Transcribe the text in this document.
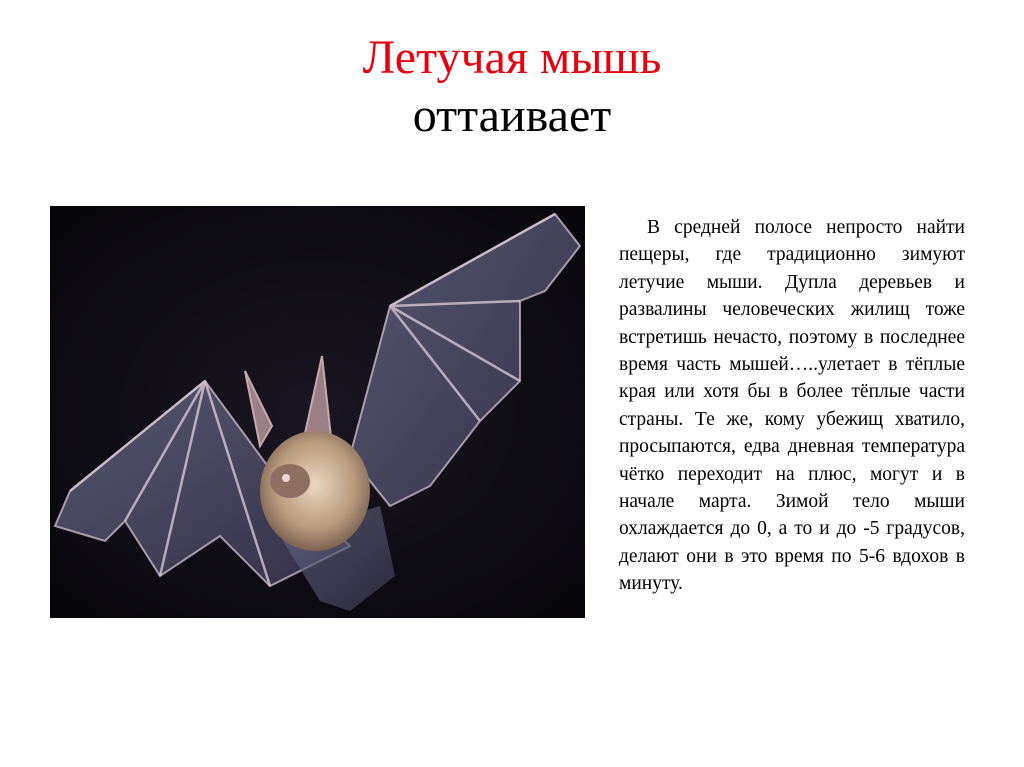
Летучая мышь
оттаивает

В средней полосе непросто найти пещеры, где традиционно зимуют летучие мыши. Дупла деревьев и развалины человеческих жилищ тоже встретишь нечасто, поэтому в последнее время часть мышей…..улетает в тёплые края или хотя бы в более тёплые части страны. Те же, кому убежищ хватило, просыпаются, едва дневная температура чётко переходит на плюс, могут и в начале марта. Зимой тело мыши охлаждается до 0, а то и до -5 градусов, делают они в это время по 5-6 вдохов в минуту.
